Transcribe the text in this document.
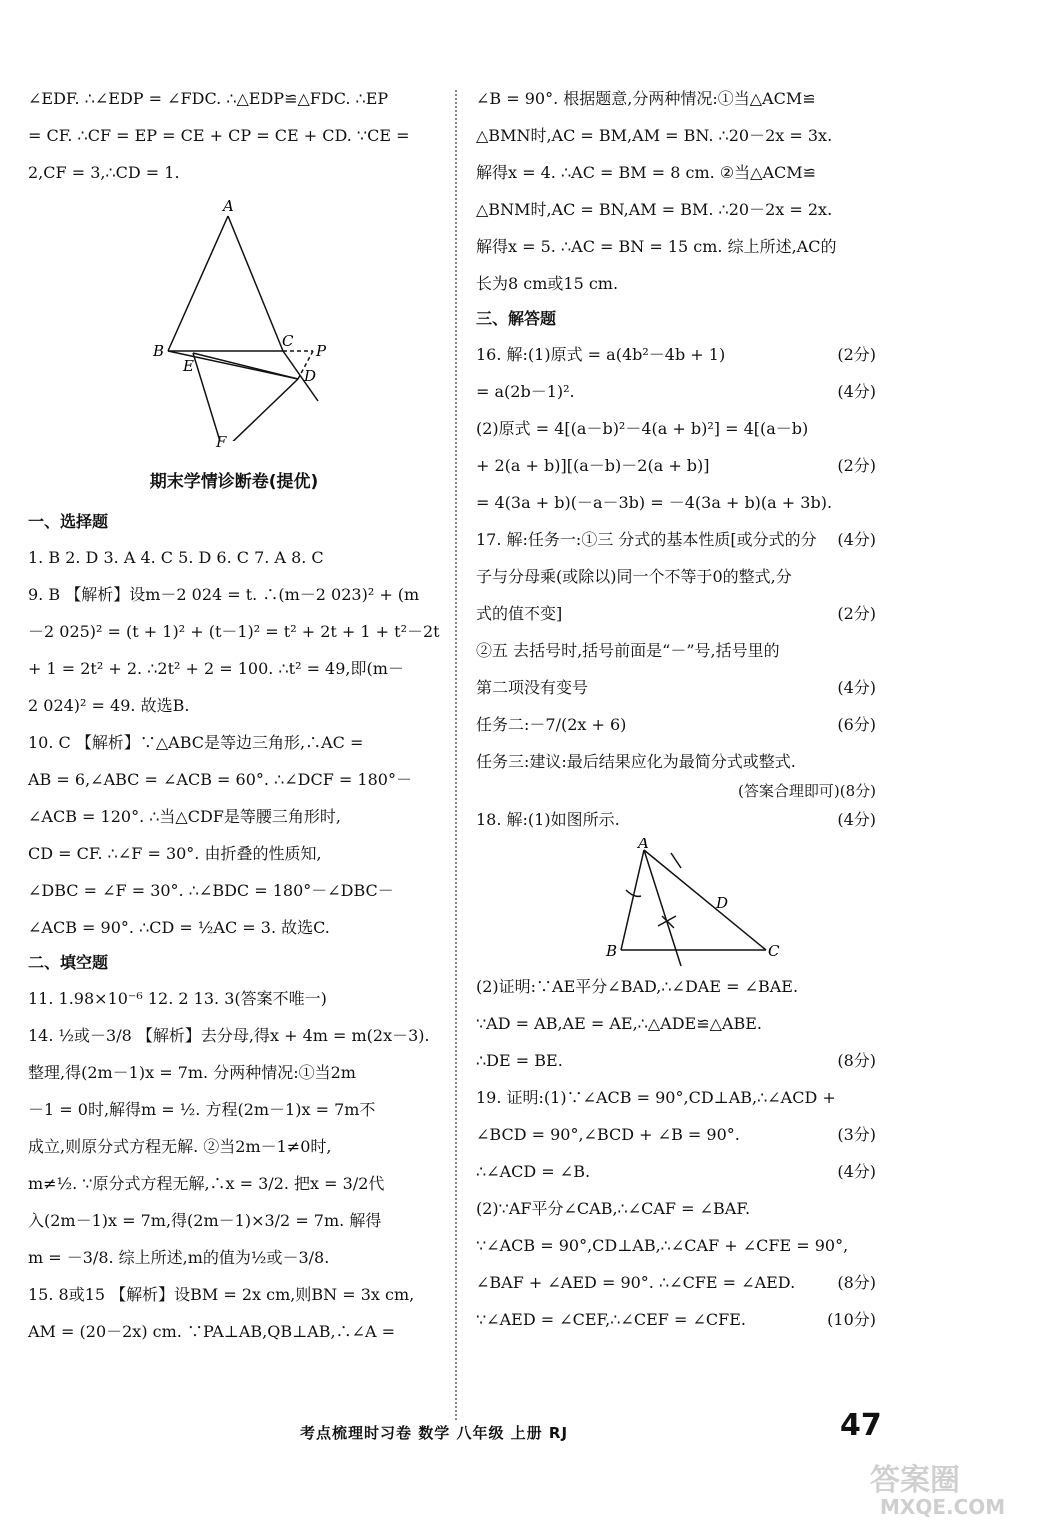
∠EDF. ∴∠EDP = ∠FDC. ∴△EDP≌△FDC. ∴EP
= CF. ∴CF = EP = CE + CP = CE + CD. ∵CE =
2,CF = 3,∴CD = 1.
A
B
E
C
P
D
F
期末学情诊断卷(提优)
一、选择题
1. B 2. D 3. A 4. C 5. D 6. C 7. A 8. C
9. B 【解析】设m－2 024 = t. ∴(m－2 023)² + (m
－2 025)² = (t + 1)² + (t－1)² = t² + 2t + 1 + t²－2t
+ 1 = 2t² + 2. ∴2t² + 2 = 100. ∴t² = 49,即(m－
2 024)² = 49. 故选B.
10. C 【解析】∵△ABC是等边三角形,∴AC =
AB = 6,∠ABC = ∠ACB = 60°. ∴∠DCF = 180°－
∠ACB = 120°. ∴当△CDF是等腰三角形时,
CD = CF. ∴∠F = 30°. 由折叠的性质知,
∠DBC = ∠F = 30°. ∴∠BDC = 180°－∠DBC－
∠ACB = 90°. ∴CD = ½AC = 3. 故选C.
二、填空题
11. 1.98×10⁻⁶ 12. 2 13. 3(答案不唯一)
14. ½或－3/8 【解析】去分母,得x + 4m = m(2x－3).
整理,得(2m－1)x = 7m. 分两种情况:①当2m
－1 = 0时,解得m = ½. 方程(2m－1)x = 7m不
成立,则原分式方程无解. ②当2m－1≠0时,
m≠½. ∵原分式方程无解,∴x = 3/2. 把x = 3/2代
入(2m－1)x = 7m,得(2m－1)×3/2 = 7m. 解得
m = －3/8. 综上所述,m的值为½或－3/8.
15. 8或15 【解析】设BM = 2x cm,则BN = 3x cm,
AM = (20－2x) cm. ∵PA⊥AB,QB⊥AB,∴∠A =
∠B = 90°. 根据题意,分两种情况:①当△ACM≌
△BMN时,AC = BM,AM = BN. ∴20－2x = 3x.
解得x = 4. ∴AC = BM = 8 cm. ②当△ACM≌
△BNM时,AC = BN,AM = BM. ∴20－2x = 2x.
解得x = 5. ∴AC = BN = 15 cm. 综上所述,AC的
长为8 cm或15 cm.
三、解答题
16. 解:(1)原式 = a(4b²－4b + 1)	(2分)
= a(2b－1)².	(4分)
(2)原式 = 4[(a－b)²－4(a + b)²] = 4[(a－b)
+ 2(a + b)][(a－b)－2(a + b)]	(2分)
= 4(3a + b)(－a－3b) = －4(3a + b)(a + 3b).
(4分)
17. 解:任务一:①三 分式的基本性质[或分式的分
子与分母乘(或除以)同一个不等于0的整式,分
式的值不变]	(2分)
②五 去括号时,括号前面是“－”号,括号里的
第二项没有变号	(4分)
任务二:－7/(2x + 6)	(6分)
任务三:建议:最后结果应化为最简分式或整式.
(答案合理即可)(8分)
18. 解:(1)如图所示.	(4分)
A
B	C
D
(2)证明:∵AE平分∠BAD,∴∠DAE = ∠BAE.
∵AD = AB,AE = AE,∴△ADE≌△ABE.
∴DE = BE.	(8分)
19. 证明:(1)∵∠ACB = 90°,CD⊥AB,∴∠ACD +
∠BCD = 90°,∠BCD + ∠B = 90°.	(3分)
∴∠ACD = ∠B.	(4分)
(2)∵AF平分∠CAB,∴∠CAF = ∠BAF.
∵∠ACB = 90°,CD⊥AB,∴∠CAF + ∠CFE = 90°,
∠BAF + ∠AED = 90°. ∴∠CFE = ∠AED.	(8分)
∵∠AED = ∠CEF,∴∠CEF = ∠CFE.	(10分)
考点梳理时习卷 数学 八年级 上册 RJ	47
答案圈
MXQE.COM
